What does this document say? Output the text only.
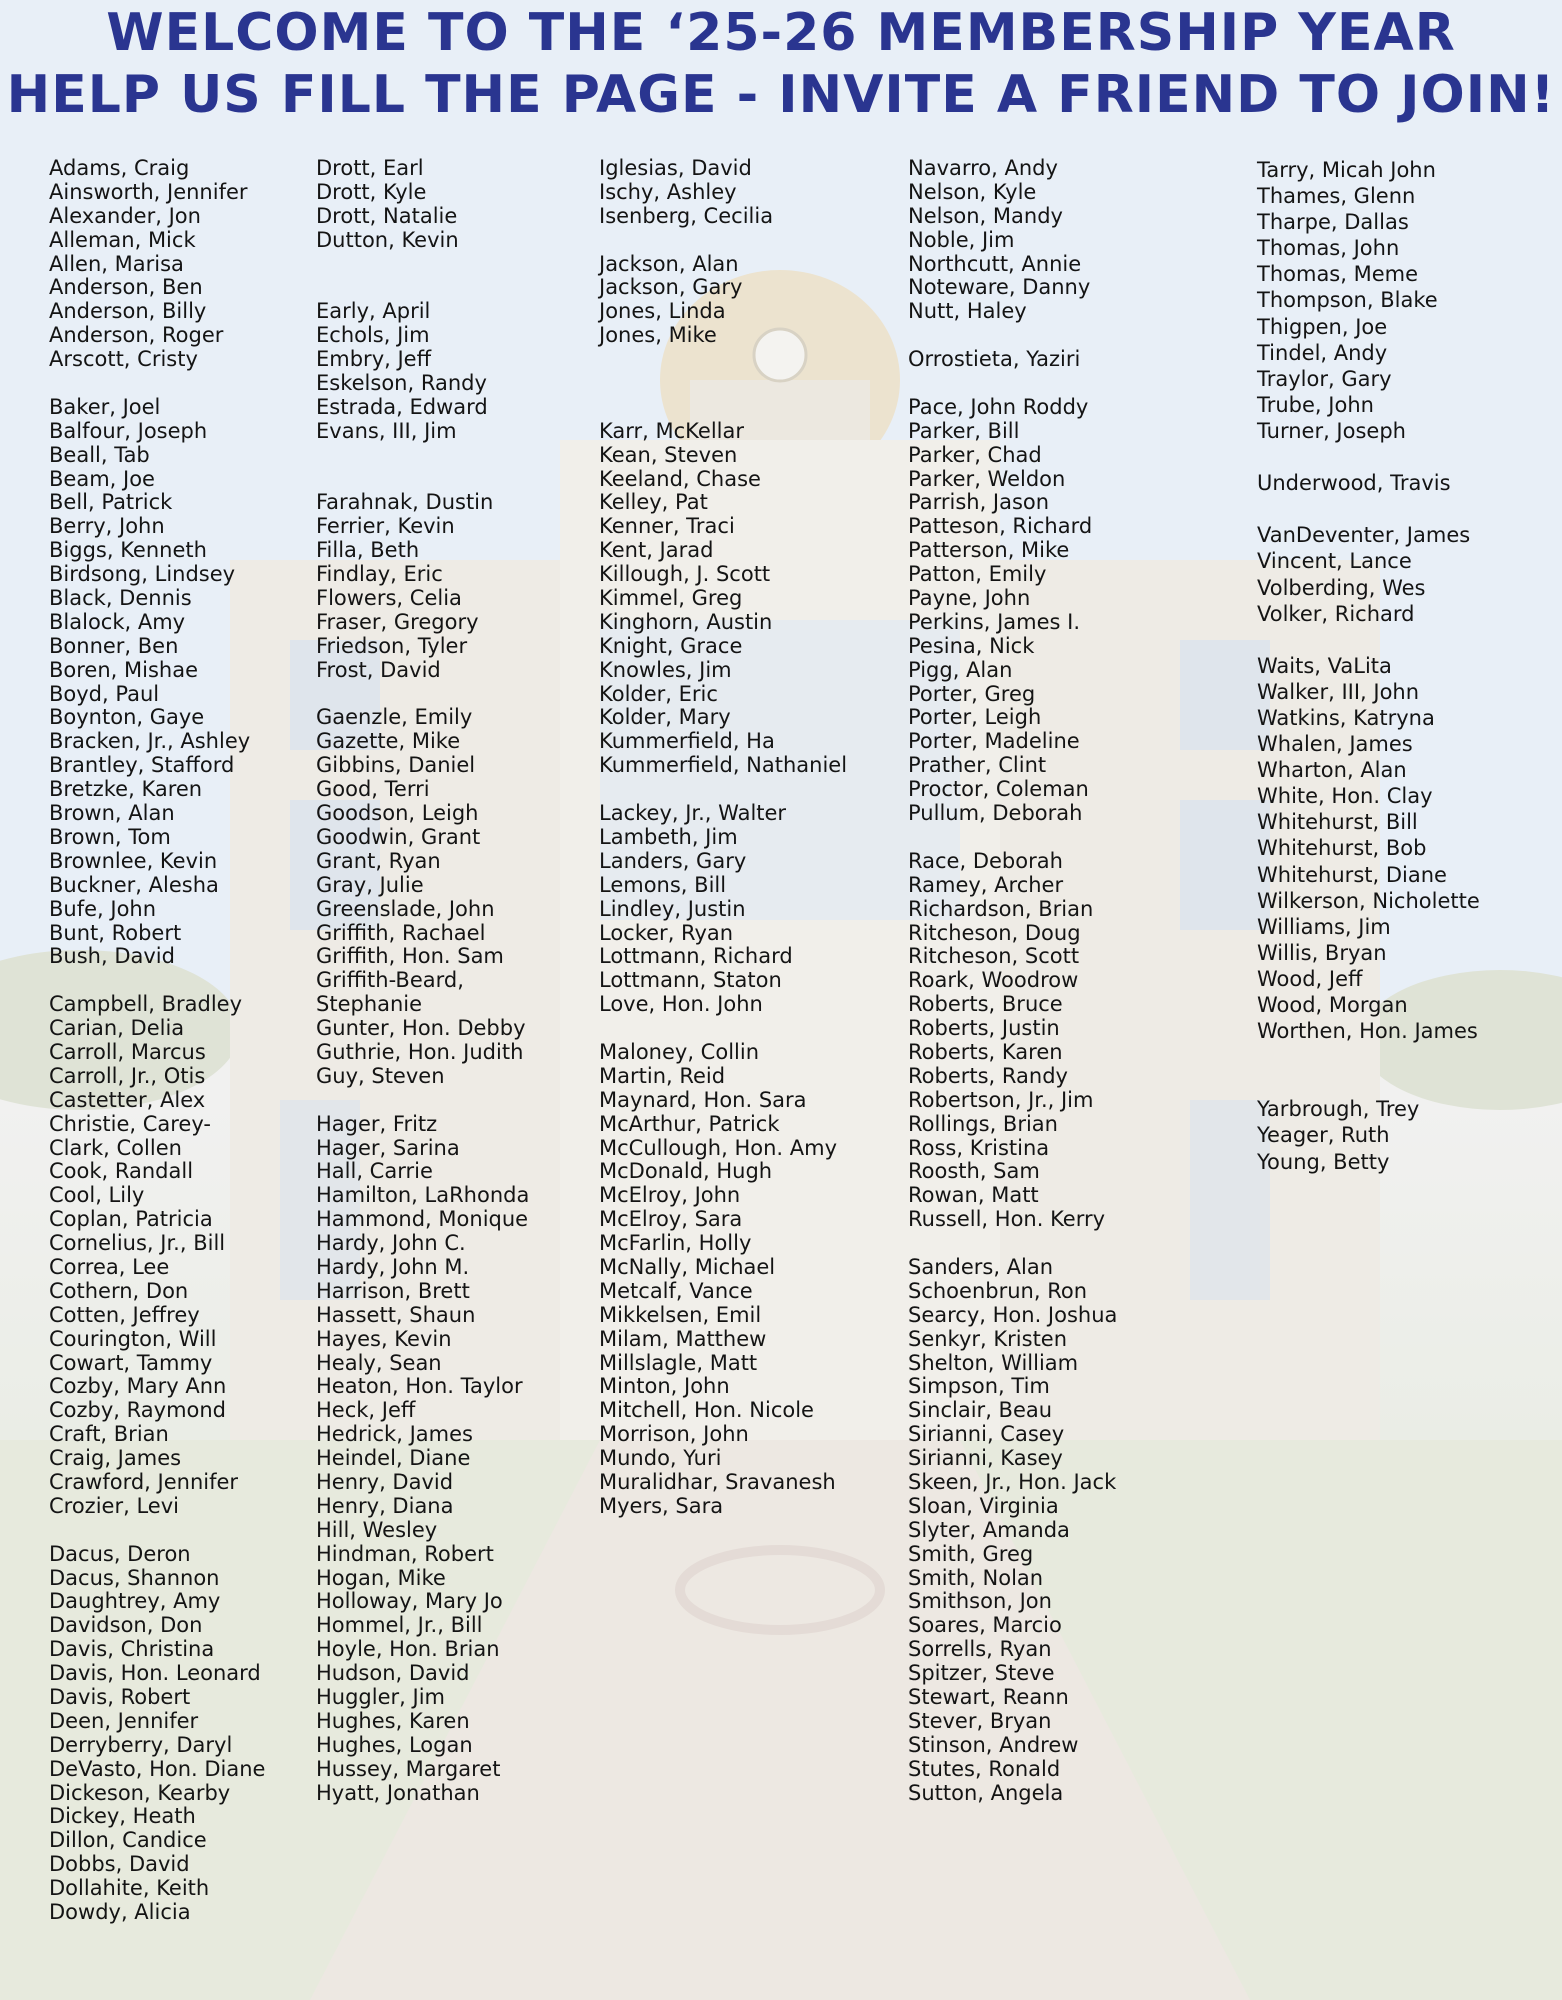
WELCOME TO THE ‘25-26 MEMBERSHIP YEAR
HELP US FILL THE PAGE - INVITE A FRIEND TO JOIN!
Adams, Craig
Ainsworth, Jennifer
Alexander, Jon
Alleman, Mick
Allen, Marisa
Anderson, Ben
Anderson, Billy
Anderson, Roger
Arscott, Cristy
Baker, Joel
Balfour, Joseph
Beall, Tab
Beam, Joe
Bell, Patrick
Berry, John
Biggs, Kenneth
Birdsong, Lindsey
Black, Dennis
Blalock, Amy
Bonner, Ben
Boren, Mishae
Boyd, Paul
Boynton, Gaye
Bracken, Jr., Ashley
Brantley, Stafford
Bretzke, Karen
Brown, Alan
Brown, Tom
Brownlee, Kevin
Buckner, Alesha
Bufe, John
Bunt, Robert
Bush, David
Campbell, Bradley
Carian, Delia
Carroll, Marcus
Carroll, Jr., Otis
Castetter, Alex
Christie, Carey-
Clark, Collen
Cook, Randall
Cool, Lily
Coplan, Patricia
Cornelius, Jr., Bill
Correa, Lee
Cothern, Don
Cotten, Jeffrey
Courington, Will
Cowart, Tammy
Cozby, Mary Ann
Cozby, Raymond
Craft, Brian
Craig, James
Crawford, Jennifer
Crozier, Levi
Dacus, Deron
Dacus, Shannon
Daughtrey, Amy
Davidson, Don
Davis, Christina
Davis, Hon. Leonard
Davis, Robert
Deen, Jennifer
Derryberry, Daryl
DeVasto, Hon. Diane
Dickeson, Kearby
Dickey, Heath
Dillon, Candice
Dobbs, David
Dollahite, Keith
Dowdy, Alicia
Drott, Earl
Drott, Kyle
Drott, Natalie
Dutton, Kevin
Early, April
Echols, Jim
Embry, Jeff
Eskelson, Randy
Estrada, Edward
Evans, III, Jim
Farahnak, Dustin
Ferrier, Kevin
Filla, Beth
Findlay, Eric
Flowers, Celia
Fraser, Gregory
Friedson, Tyler
Frost, David
Gaenzle, Emily
Gazette, Mike
Gibbins, Daniel
Good, Terri
Goodson, Leigh
Goodwin, Grant
Grant, Ryan
Gray, Julie
Greenslade, John
Griffith, Rachael
Griffith, Hon. Sam
Griffith-Beard,
Stephanie
Gunter, Hon. Debby
Guthrie, Hon. Judith
Guy, Steven
Hager, Fritz
Hager, Sarina
Hall, Carrie
Hamilton, LaRhonda
Hammond, Monique
Hardy, John C.
Hardy, John M.
Harrison, Brett
Hassett, Shaun
Hayes, Kevin
Healy, Sean
Heaton, Hon. Taylor
Heck, Jeff
Hedrick, James
Heindel, Diane
Henry, David
Henry, Diana
Hill, Wesley
Hindman, Robert
Hogan, Mike
Holloway, Mary Jo
Hommel, Jr., Bill
Hoyle, Hon. Brian
Hudson, David
Huggler, Jim
Hughes, Karen
Hughes, Logan
Hussey, Margaret
Hyatt, Jonathan
Iglesias, David
Ischy, Ashley
Isenberg, Cecilia
Jackson, Alan
Jackson, Gary
Jones, Linda
Jones, Mike
Karr, McKellar
Kean, Steven
Keeland, Chase
Kelley, Pat
Kenner, Traci
Kent, Jarad
Killough, J. Scott
Kimmel, Greg
Kinghorn, Austin
Knight, Grace
Knowles, Jim
Kolder, Eric
Kolder, Mary
Kummerfield, Ha
Kummerfield, Nathaniel
Lackey, Jr., Walter
Lambeth, Jim
Landers, Gary
Lemons, Bill
Lindley, Justin
Locker, Ryan
Lottmann, Richard
Lottmann, Staton
Love, Hon. John
Maloney, Collin
Martin, Reid
Maynard, Hon. Sara
McArthur, Patrick
McCullough, Hon. Amy
McDonald, Hugh
McElroy, John
McElroy, Sara
McFarlin, Holly
McNally, Michael
Metcalf, Vance
Mikkelsen, Emil
Milam, Matthew
Millslagle, Matt
Minton, John
Mitchell, Hon. Nicole
Morrison, John
Mundo, Yuri
Muralidhar, Sravanesh
Myers, Sara
Navarro, Andy
Nelson, Kyle
Nelson, Mandy
Noble, Jim
Northcutt, Annie
Noteware, Danny
Nutt, Haley
Orrostieta, Yaziri
Pace, John Roddy
Parker, Bill
Parker, Chad
Parker, Weldon
Parrish, Jason
Patteson, Richard
Patterson, Mike
Patton, Emily
Payne, John
Perkins, James I.
Pesina, Nick
Pigg, Alan
Porter, Greg
Porter, Leigh
Porter, Madeline
Prather, Clint
Proctor, Coleman
Pullum, Deborah
Race, Deborah
Ramey, Archer
Richardson, Brian
Ritcheson, Doug
Ritcheson, Scott
Roark, Woodrow
Roberts, Bruce
Roberts, Justin
Roberts, Karen
Roberts, Randy
Robertson, Jr., Jim
Rollings, Brian
Ross, Kristina
Roosth, Sam
Rowan, Matt
Russell, Hon. Kerry
Sanders, Alan
Schoenbrun, Ron
Searcy, Hon. Joshua
Senkyr, Kristen
Shelton, William
Simpson, Tim
Sinclair, Beau
Sirianni, Casey
Sirianni, Kasey
Skeen, Jr., Hon. Jack
Sloan, Virginia
Slyter, Amanda
Smith, Greg
Smith, Nolan
Smithson, Jon
Soares, Marcio
Sorrells, Ryan
Spitzer, Steve
Stewart, Reann
Stever, Bryan
Stinson, Andrew
Stutes, Ronald
Sutton, Angela
Tarry, Micah John
Thames, Glenn
Tharpe, Dallas
Thomas, John
Thomas, Meme
Thompson, Blake
Thigpen, Joe
Tindel, Andy
Traylor, Gary
Trube, John
Turner, Joseph
Underwood, Travis
VanDeventer, James
Vincent, Lance
Volberding, Wes
Volker, Richard
Waits, VaLita
Walker, III, John
Watkins, Katryna
Whalen, James
Wharton, Alan
White, Hon. Clay
Whitehurst, Bill
Whitehurst, Bob
Whitehurst, Diane
Wilkerson, Nicholette
Williams, Jim
Willis, Bryan
Wood, Jeff
Wood, Morgan
Worthen, Hon. James
Yarbrough, Trey
Yeager, Ruth
Young, Betty
